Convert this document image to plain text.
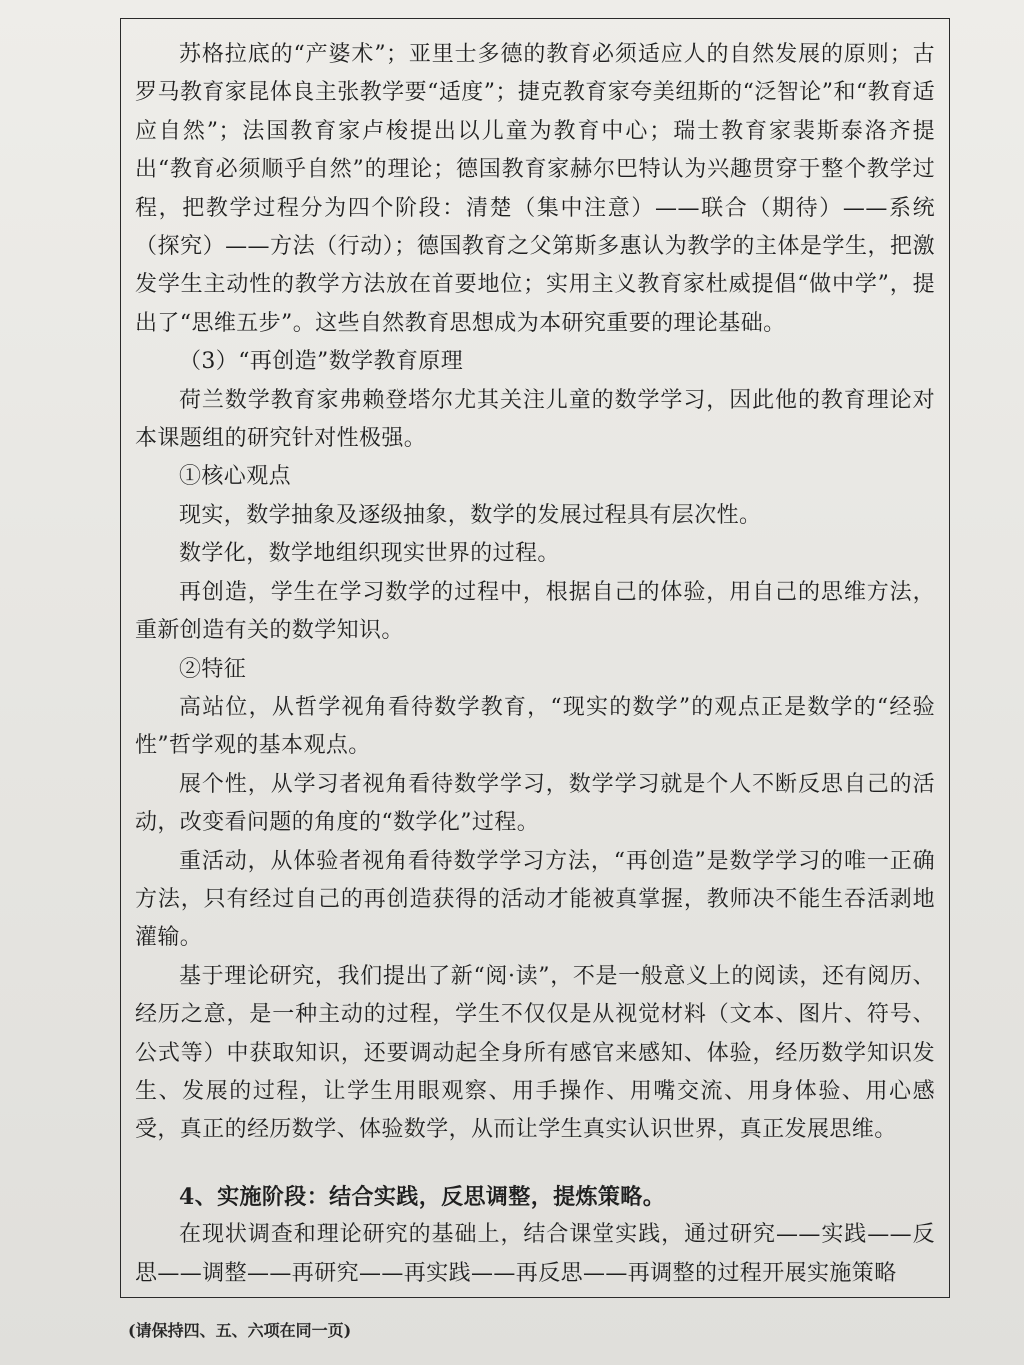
苏格拉底的“产婆术”；亚里士多德的教育必须适应人的自然发展的原则；古罗马教育家昆体良主张教学要“适度”；捷克教育家夸美纽斯的“泛智论”和“教育适应自然”；法国教育家卢梭提出以儿童为教育中心；瑞士教育家裴斯泰洛齐提出“教育必须顺乎自然”的理论；德国教育家赫尔巴特认为兴趣贯穿于整个教学过程，把教学过程分为四个阶段：清楚（集中注意）——联合（期待）——系统（探究）——方法（行动）；德国教育之父第斯多惠认为教学的主体是学生，把激发学生主动性的教学方法放在首要地位；实用主义教育家杜威提倡“做中学”，提出了“思维五步”。这些自然教育思想成为本研究重要的理论基础。

（3）“再创造”数学教育原理

荷兰数学教育家弗赖登塔尔尤其关注儿童的数学学习，因此他的教育理论对本课题组的研究针对性极强。

①核心观点

现实，数学抽象及逐级抽象，数学的发展过程具有层次性。

数学化，数学地组织现实世界的过程。

再创造，学生在学习数学的过程中，根据自己的体验，用自己的思维方法，重新创造有关的数学知识。

②特征

高站位，从哲学视角看待数学教育，“现实的数学”的观点正是数学的“经验性”哲学观的基本观点。

展个性，从学习者视角看待数学学习，数学学习就是个人不断反思自己的活动，改变看问题的角度的“数学化”过程。

重活动，从体验者视角看待数学学习方法，“再创造”是数学学习的唯一正确方法，只有经过自己的再创造获得的活动才能被真掌握，教师决不能生吞活剥地灌输。

基于理论研究，我们提出了新“阅·读”，不是一般意义上的阅读，还有阅历、经历之意，是一种主动的过程，学生不仅仅是从视觉材料（文本、图片、符号、公式等）中获取知识，还要调动起全身所有感官来感知、体验，经历数学知识发生、发展的过程，让学生用眼观察、用手操作、用嘴交流、用身体验、用心感受，真正的经历数学、体验数学，从而让学生真实认识世界，真正发展思维。

4、实施阶段：结合实践，反思调整，提炼策略。

在现状调查和理论研究的基础上，结合课堂实践，通过研究——实践——反思——调整——再研究——再实践——再反思——再调整的过程开展实施策略

(请保持四、五、六项在同一页)
